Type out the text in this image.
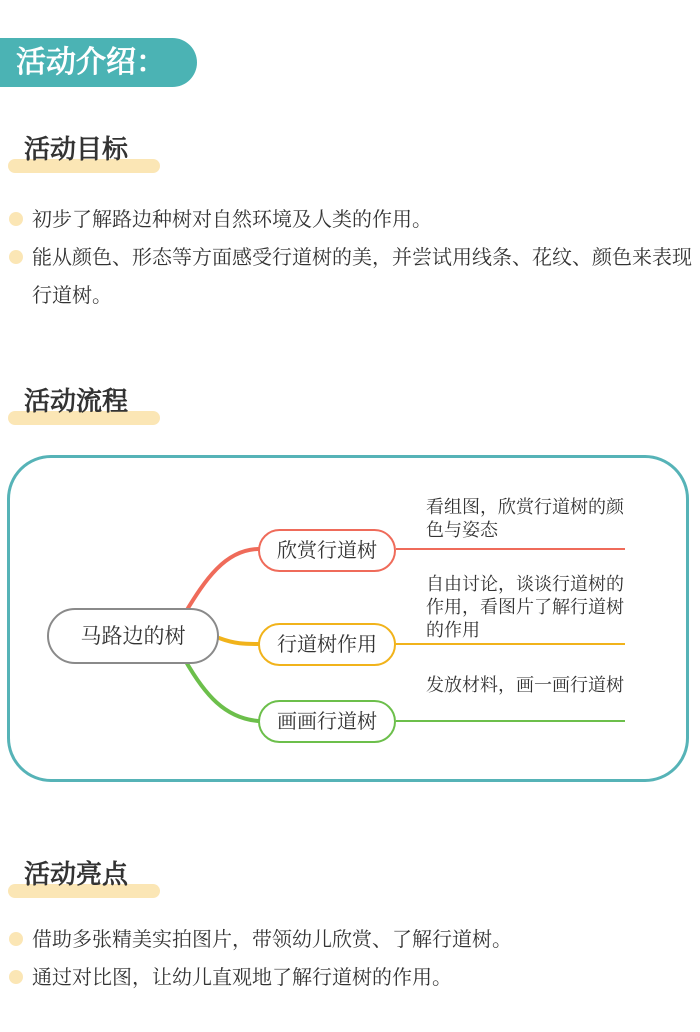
活动介绍：
活动目标
初步了解路边种树对自然环境及人类的作用。
能从颜色、形态等方面感受行道树的美，并尝试用线条、花纹、颜色来表现行道树。
活动流程
马路边的树
欣赏行道树
行道树作用
画画行道树
看组图，欣赏行道树的颜色与姿态
自由讨论，谈谈行道树的作用，看图片了解行道树的作用
发放材料，画一画行道树
活动亮点
借助多张精美实拍图片，带领幼儿欣赏、了解行道树。
通过对比图，让幼儿直观地了解行道树的作用。
